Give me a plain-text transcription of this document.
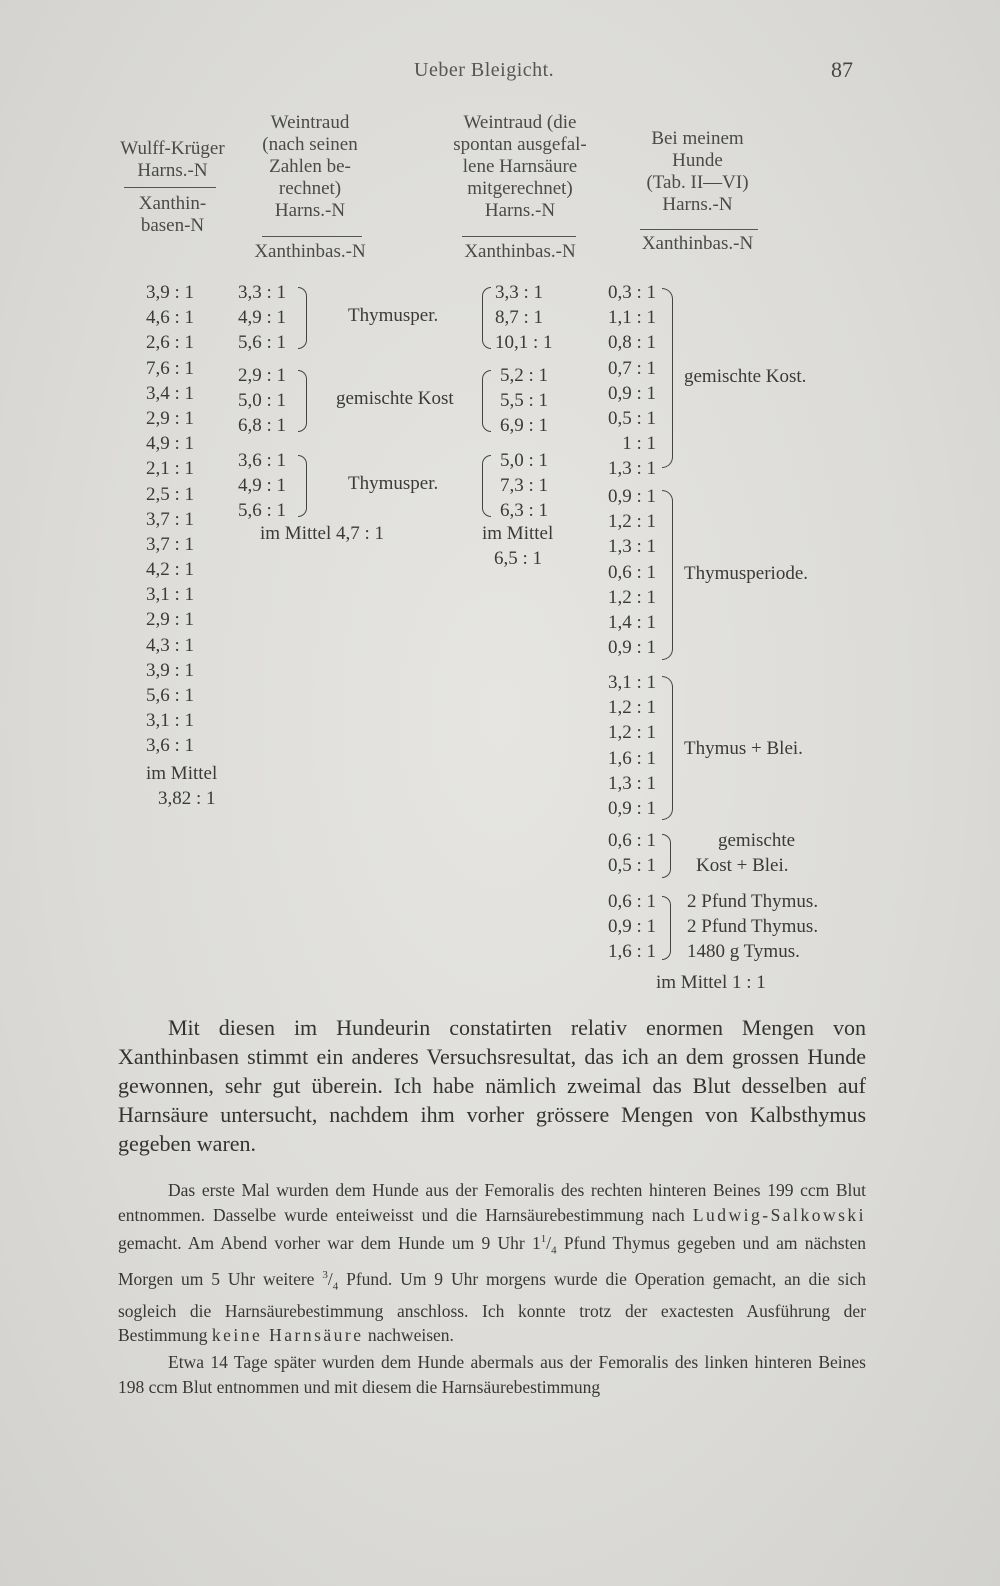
Ueber Bleigicht.	87
Wulff-Krüger
Harns.-N
Xanthin-
basen-N
Weintraud
(nach seinen
Zahlen be-
rechnet)
Harns.-N
Xanthinbas.-N
Weintraud (die
spontan ausgefal-
lene Harnsäure
mitgerechnet)
Harns.-N
Xanthinbas.-N
Bei meinem
Hunde
(Tab. II—VI)
Harns.-N
Xanthinbas.-N
3,9 : 1
4,6 : 1
2,6 : 1
7,6 : 1
3,4 : 1
2,9 : 1
4,9 : 1
2,1 : 1
2,5 : 1
3,7 : 1
3,7 : 1
4,2 : 1
3,1 : 1
2,9 : 1
4,3 : 1
3,9 : 1
5,6 : 1
3,1 : 1
3,6 : 1
im Mittel
3,82 : 1
3,3 : 1
4,9 : 1
5,6 : 1
Thymusper.
2,9 : 1
5,0 : 1
6,8 : 1
gemischte Kost
3,6 : 1
4,9 : 1
5,6 : 1
Thymusper.
im Mittel 4,7 : 1
3,3 : 1
8,7 : 1
10,1 : 1
5,2 : 1
5,5 : 1
6,9 : 1
5,0 : 1
7,3 : 1
6,3 : 1
im Mittel
6,5 : 1
0,3 : 1
1,1 : 1
0,8 : 1
0,7 : 1
0,9 : 1
0,5 : 1
1 : 1
1,3 : 1
gemischte Kost.
0,9 : 1
1,2 : 1
1,3 : 1
0,6 : 1
1,2 : 1
1,4 : 1
0,9 : 1
Thymusperiode.
3,1 : 1
1,2 : 1
1,2 : 1
1,6 : 1
1,3 : 1
0,9 : 1
Thymus + Blei.
0,6 : 1
0,5 : 1
gemischte
Kost + Blei.
0,6 : 1
0,9 : 1
1,6 : 1
2 Pfund Thymus.
2 Pfund Thymus.
1480 g Tymus.
im Mittel 1 : 1

Mit diesen im Hundeurin constatirten relativ enormen Mengen von Xanthinbasen stimmt ein anderes Versuchsresultat, das ich an dem grossen Hunde gewonnen, sehr gut überein. Ich habe nämlich zweimal das Blut desselben auf Harnsäure untersucht, nachdem ihm vorher grössere Mengen von Kalbsthymus gegeben waren.

Das erste Mal wurden dem Hunde aus der Femoralis des rechten hinteren Beines 199 ccm Blut entnommen. Dasselbe wurde enteiweisst und die Harnsäurebestimmung nach Ludwig-Salkowski gemacht. Am Abend vorher war dem Hunde um 9 Uhr $1^1/_4$ Pfund Thymus gegeben und am nächsten Morgen um 5 Uhr weitere $^3/_4$ Pfund. Um 9 Uhr morgens wurde die Operation gemacht, an die sich sogleich die Harnsäurebestimmung anschloss. Ich konnte trotz der exactesten Ausführung der Bestimmung keine Harnsäure nachweisen.

Etwa 14 Tage später wurden dem Hunde abermals aus der Femoralis des linken hinteren Beines 198 ccm Blut entnommen und mit diesem die Harnsäurebestimmung
